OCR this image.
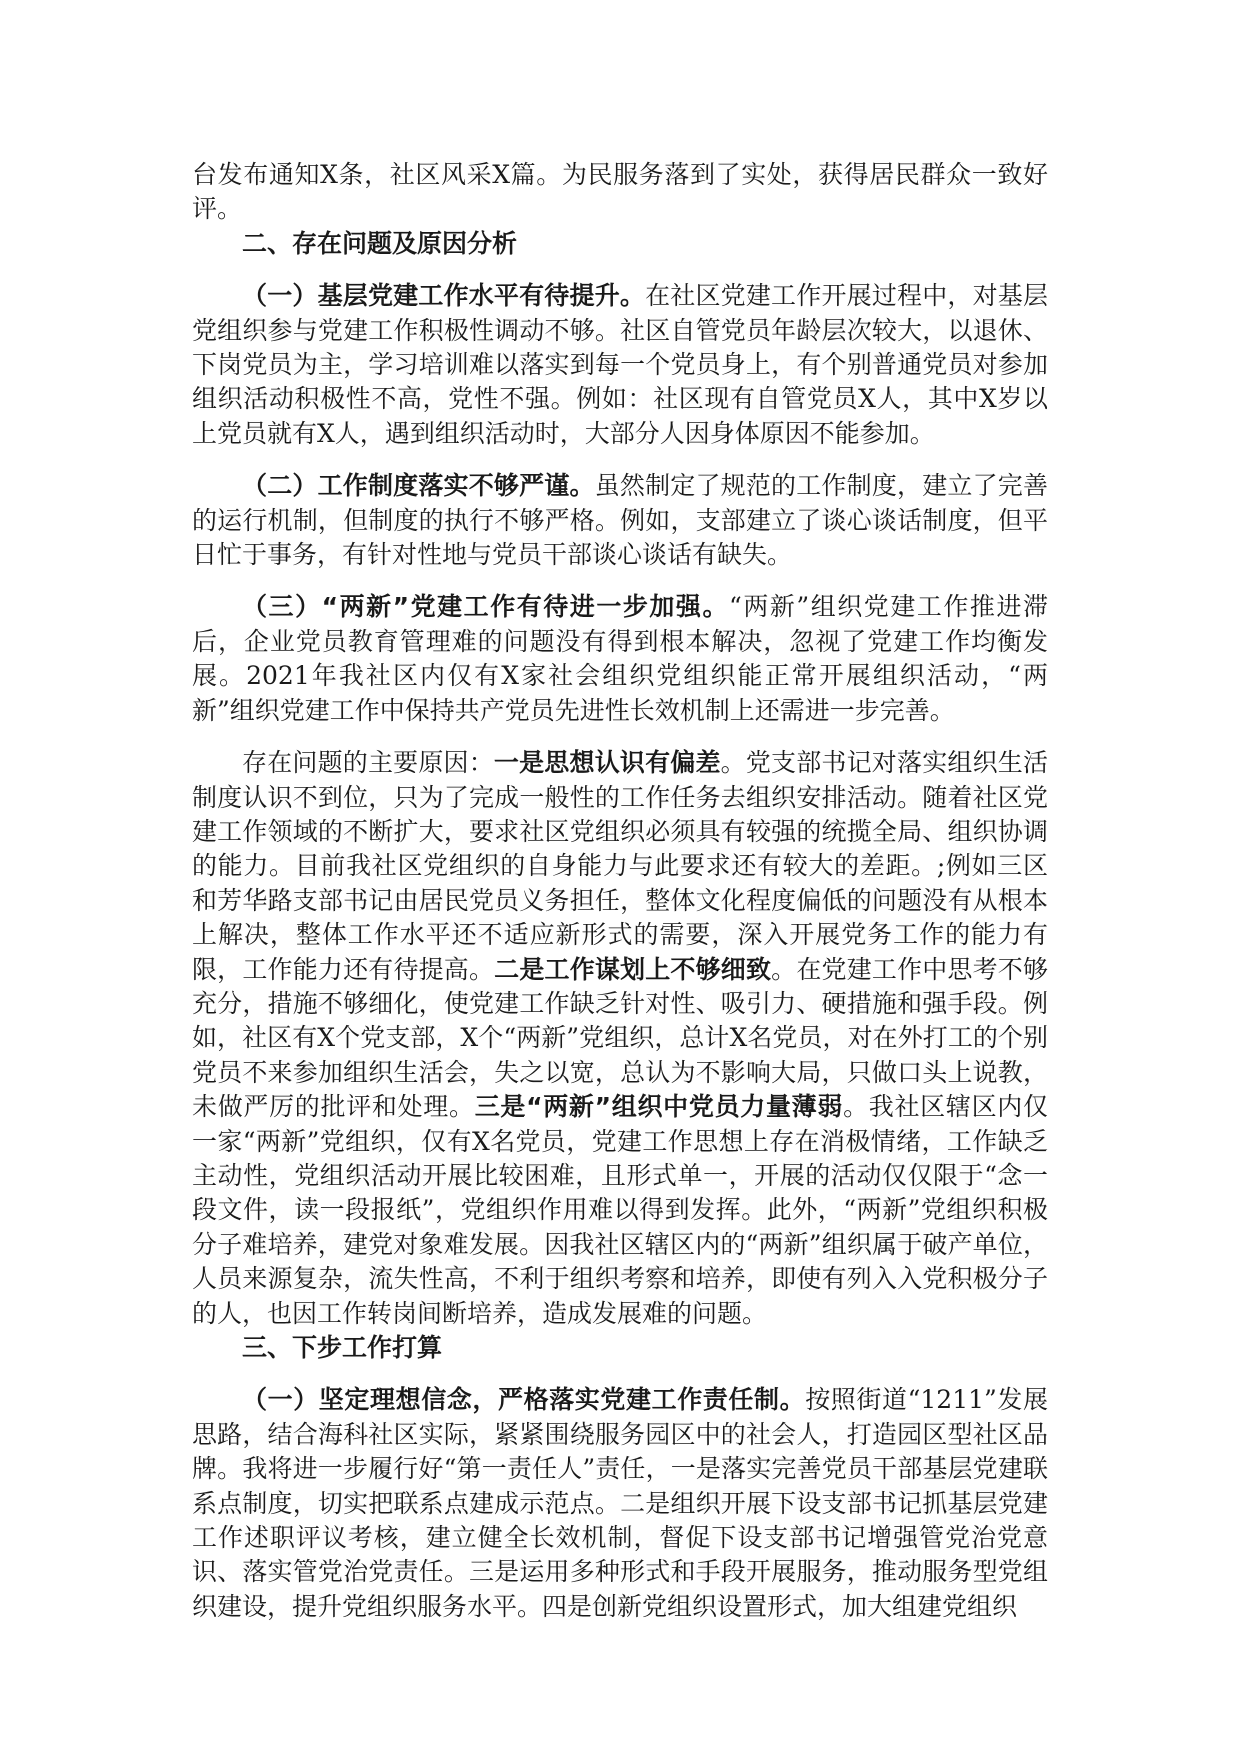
台发布通知X条，社区风采X篇。为民服务落到了实处，获得居民群众一致好评。

二、存在问题及原因分析

（一）基层党建工作水平有待提升。在社区党建工作开展过程中，对基层党组织参与党建工作积极性调动不够。社区自管党员年龄层次较大，以退休、下岗党员为主，学习培训难以落实到每一个党员身上，有个别普通党员对参加组织活动积极性不高，党性不强。例如：社区现有自管党员X人，其中X岁以上党员就有X人，遇到组织活动时，大部分人因身体原因不能参加。

（二）工作制度落实不够严谨。虽然制定了规范的工作制度，建立了完善的运行机制，但制度的执行不够严格。例如，支部建立了谈心谈话制度，但平日忙于事务，有针对性地与党员干部谈心谈话有缺失。

（三）“两新”党建工作有待进一步加强。“两新”组织党建工作推进滞后，企业党员教育管理难的问题没有得到根本解决，忽视了党建工作均衡发展。2021年我社区内仅有X家社会组织党组织能正常开展组织活动，“两新”组织党建工作中保持共产党员先进性长效机制上还需进一步完善。

存在问题的主要原因：一是思想认识有偏差。党支部书记对落实组织生活制度认识不到位，只为了完成一般性的工作任务去组织安排活动。随着社区党建工作领域的不断扩大，要求社区党组织必须具有较强的统揽全局、组织协调的能力。目前我社区党组织的自身能力与此要求还有较大的差距。;例如三区和芳华路支部书记由居民党员义务担任，整体文化程度偏低的问题没有从根本上解决，整体工作水平还不适应新形式的需要，深入开展党务工作的能力有限，工作能力还有待提高。二是工作谋划上不够细致。在党建工作中思考不够充分，措施不够细化，使党建工作缺乏针对性、吸引力、硬措施和强手段。例如，社区有X个党支部，X个“两新”党组织，总计X名党员，对在外打工的个别党员不来参加组织生活会，失之以宽，总认为不影响大局，只做口头上说教，未做严厉的批评和处理。三是“两新”组织中党员力量薄弱。我社区辖区内仅一家“两新”党组织，仅有X名党员，党建工作思想上存在消极情绪，工作缺乏主动性，党组织活动开展比较困难，且形式单一，开展的活动仅仅限于“念一段文件，读一段报纸”，党组织作用难以得到发挥。此外，“两新”党组织积极分子难培养，建党对象难发展。因我社区辖区内的“两新”组织属于破产单位，人员来源复杂，流失性高，不利于组织考察和培养，即使有列入入党积极分子的人，也因工作转岗间断培养，造成发展难的问题。

三、下步工作打算

（一）坚定理想信念，严格落实党建工作责任制。按照街道“1211”发展思路，结合海科社区实际，紧紧围绕服务园区中的社会人，打造园区型社区品牌。我将进一步履行好“第一责任人”责任，一是落实完善党员干部基层党建联系点制度，切实把联系点建成示范点。二是组织开展下设支部书记抓基层党建工作述职评议考核，建立健全长效机制，督促下设支部书记增强管党治党意识、落实管党治党责任。三是运用多种形式和手段开展服务，推动服务型党组织建设，提升党组织服务水平。四是创新党组织设置形式，加大组建党组织
